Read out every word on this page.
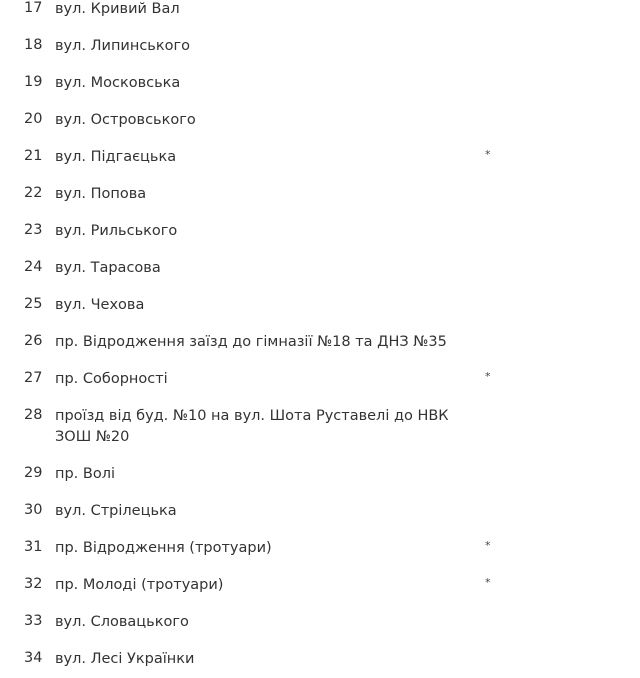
17 вул. Кривий Вал
18 вул. Липинського
19 вул. Московська
20 вул. Островського
21 вул. Підгаєцька	*
22 вул. Попова
23 вул. Рильського
24 вул. Тарасова
25 вул. Чехова
26 пр. Відродження заїзд до гімназії №18 та ДНЗ №35
27 пр. Соборності	*
28 проїзд від буд. №10 на вул. Шота Руставелі до НВК ЗОШ №20
29 пр. Волі
30 вул. Стрілецька
31 пр. Відродження (тротуари)	*
32 пр. Молоді (тротуари)	*
33 вул. Словацького
34 вул. Лесі Українки
